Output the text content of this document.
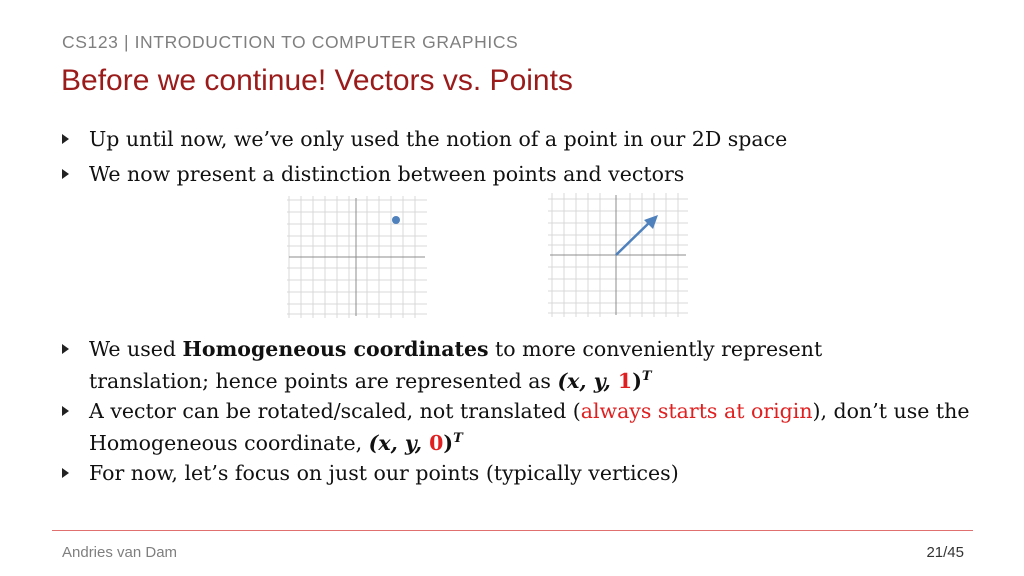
CS123 | INTRODUCTION TO COMPUTER GRAPHICS
Before we continue! Vectors vs. Points
Up until now, we’ve only used the notion of a point in our 2D space
We now present a distinction between points and vectors
We used Homogeneous coordinates to more conveniently represent translation; hence points are represented as (x, y, 1)$^T$
A vector can be rotated/scaled, not translated (always starts at origin), don’t use the Homogeneous coordinate, (x, y, 0)$^T$
For now, let’s focus on just our points (typically vertices)
Andries van Dam	21/45
